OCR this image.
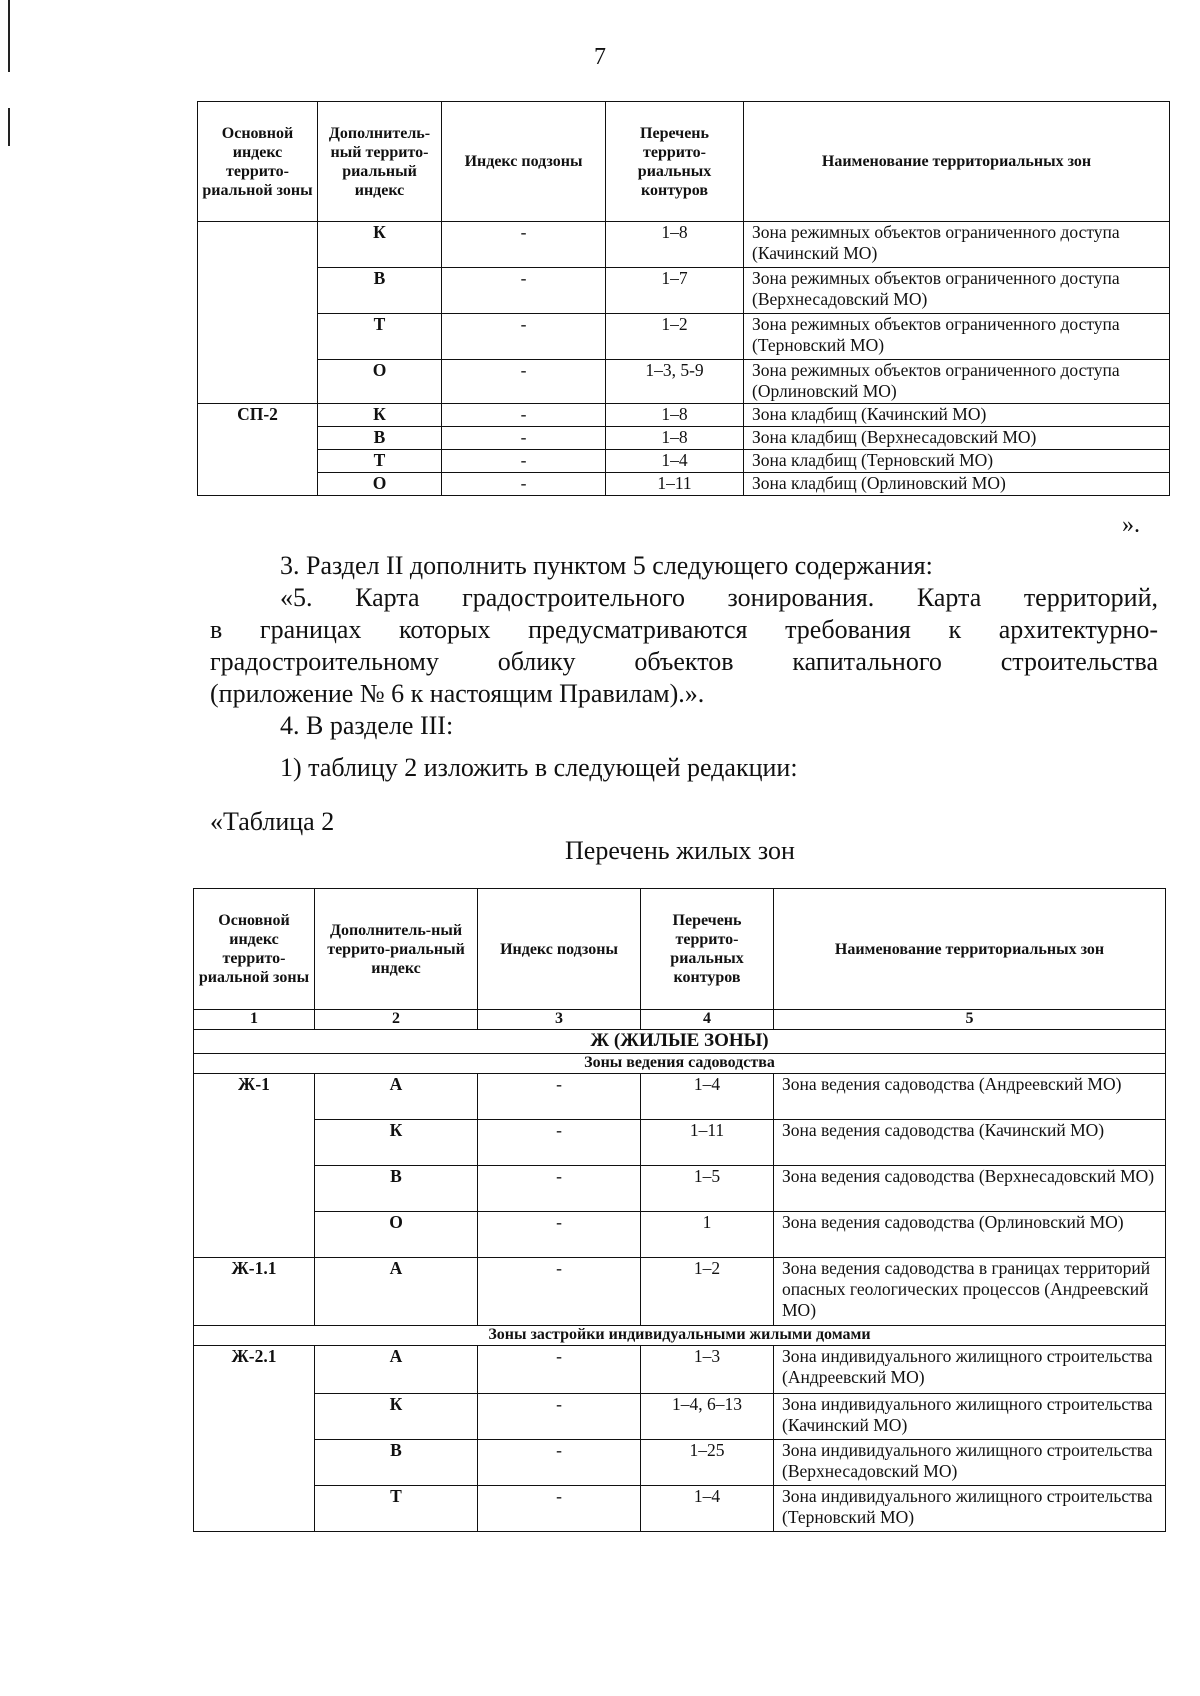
7
Основной индекс террито-риальной зоны	Дополнитель-ный террито-риальный индекс	Индекс подзоны	Перечень террито-риальных контуров	Наименование территориальных зон
	К	-	1–8	Зона режимных объектов ограниченного доступа (Качинский МО)
	В	-	1–7	Зона режимных объектов ограниченного доступа (Верхнесадовский МО)
	Т	-	1–2	Зона режимных объектов ограниченного доступа (Терновский МО)
	О	-	1–3, 5-9	Зона режимных объектов ограниченного доступа (Орлиновский МО)
СП-2	К	-	1–8	Зона кладбищ (Качинский МО)
	В	-	1–8	Зона кладбищ (Верхнесадовский МО)
	Т	-	1–4	Зона кладбищ (Терновский МО)
	О	-	1–11	Зона кладбищ (Орлиновский МО)
».
3. Раздел II дополнить пунктом 5 следующего содержания:
«5. Карта градостроительного зонирования. Карта территорий,
в границах которых предусматриваются требования к архитектурно-
градостроительному облику объектов капитального строительства
(приложение № 6 к настоящим Правилам).».
4. В разделе III:
1) таблицу 2 изложить в следующей редакции:
«Таблица 2
Перечень жилых зон
Основной индекс террито-риальной зоны	Дополнитель-ный террито-риальный индекс	Индекс подзоны	Перечень террито-риальных контуров	Наименование территориальных зон
1	2	3	4	5
Ж (ЖИЛЫЕ ЗОНЫ)				
Зоны ведения садоводства				
Ж-1	А	-	1–4	Зона ведения садоводства (Андреевский МО)
	К	-	1–11	Зона ведения садоводства (Качинский МО)
	В	-	1–5	Зона ведения садоводства (Верхнесадовский МО)
	О	-	1	Зона ведения садоводства (Орлиновский МО)
Ж-1.1	А	-	1–2	Зона ведения садоводства в границах территорий опасных геологических процессов (Андреевский МО)
Зоны застройки индивидуальными жилыми домами				
Ж-2.1	А	-	1–3	Зона индивидуального жилищного строительства (Андреевский МО)
	К	-	1–4, 6–13	Зона индивидуального жилищного строительства (Качинский МО)
	В	-	1–25	Зона индивидуального жилищного строительства (Верхнесадовский МО)
	Т	-	1–4	Зона индивидуального жилищного строительства (Терновский МО)
